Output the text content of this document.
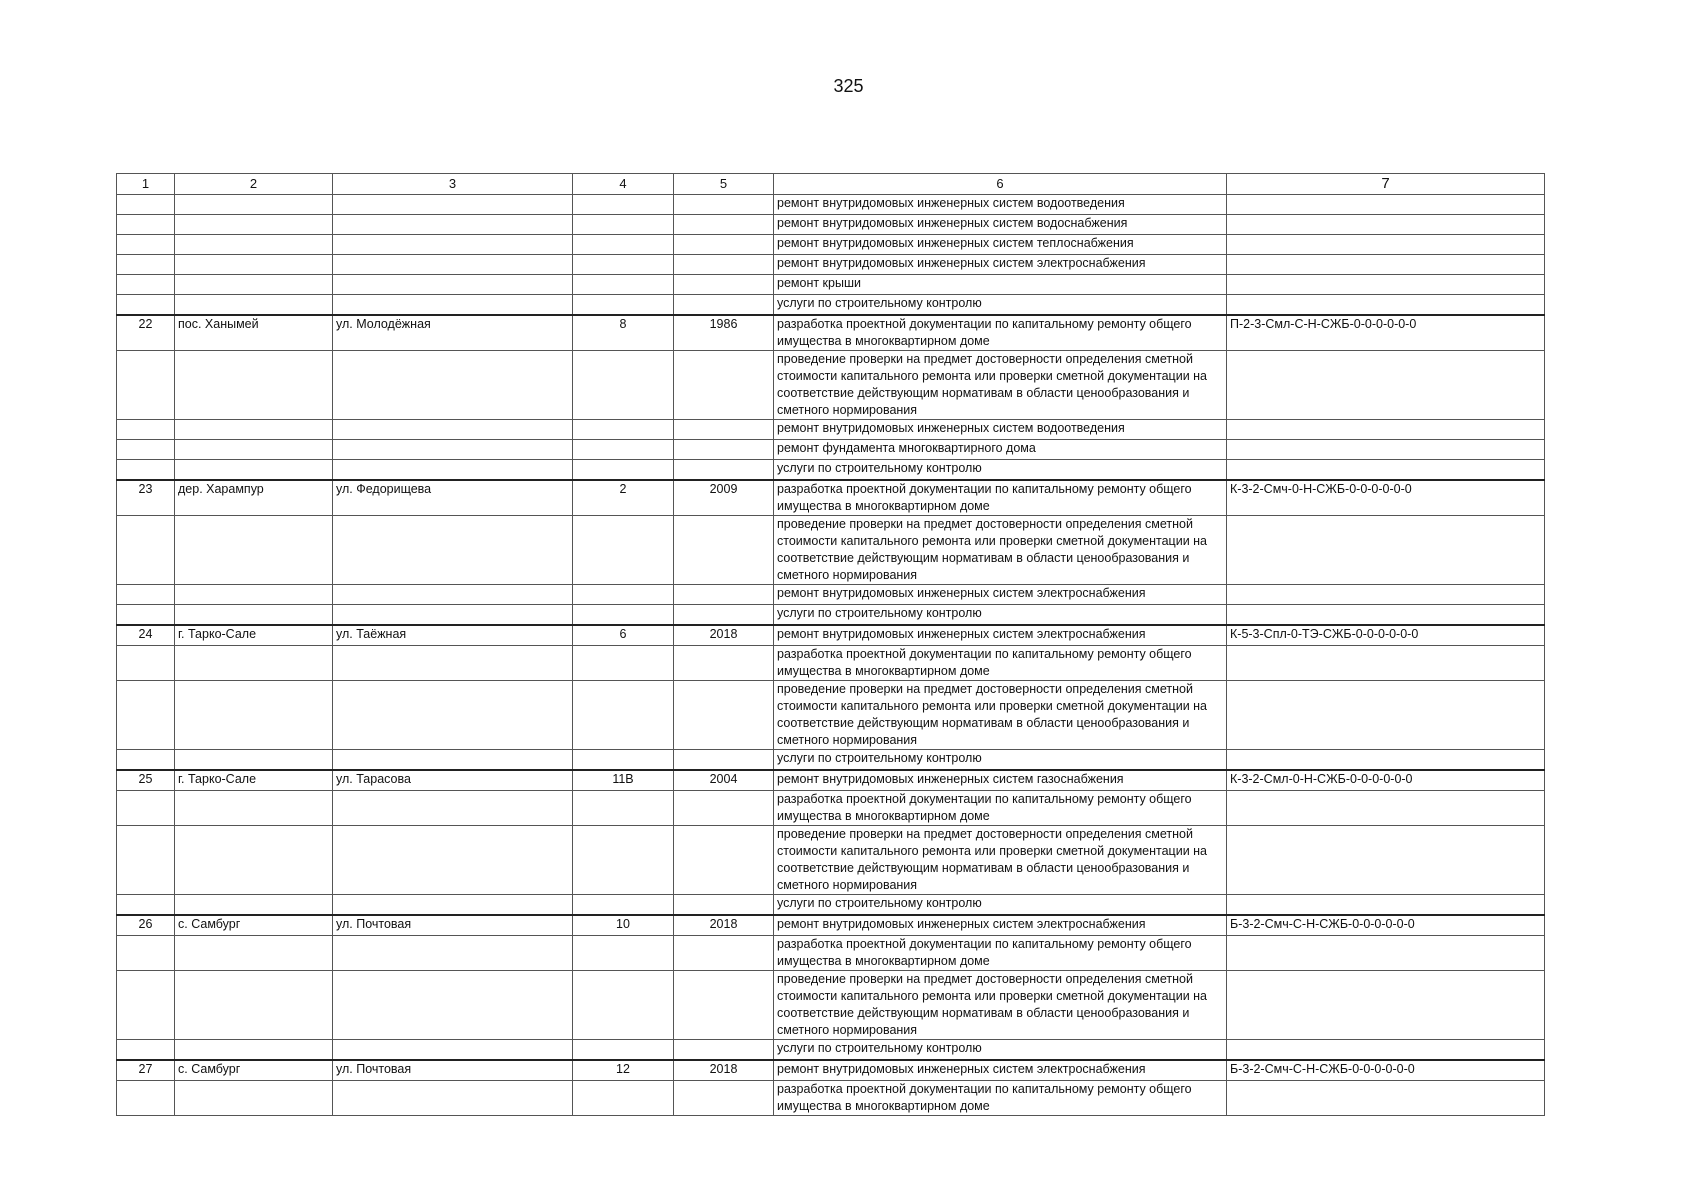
325
1	2	3	4	5	6	7
					ремонт внутридомовых инженерных систем водоотведения	
					ремонт внутридомовых инженерных систем водоснабжения	
					ремонт внутридомовых инженерных систем теплоснабжения	
					ремонт внутридомовых инженерных систем электроснабжения	
					ремонт крыши	
					услуги по строительному контролю	
22	пос. Ханымей	ул. Молодёжная	8	1986	разработка проектной документации по капитальному ремонту общего имущества в многоквартирном доме	П-2-3-Смл-С-Н-СЖБ-0-0-0-0-0-0
					проведение проверки на предмет достоверности определения сметной стоимости капитального ремонта или проверки сметной документации на соответствие действующим нормативам в области ценообразования и сметного нормирования	
					ремонт внутридомовых инженерных систем водоотведения	
					ремонт фундамента многоквартирного дома	
					услуги по строительному контролю	
23	дер. Харампур	ул. Федорищева	2	2009	разработка проектной документации по капитальному ремонту общего имущества в многоквартирном доме	К-3-2-Смч-0-Н-СЖБ-0-0-0-0-0-0
					проведение проверки на предмет достоверности определения сметной стоимости капитального ремонта или проверки сметной документации на соответствие действующим нормативам в области ценообразования и сметного нормирования	
					ремонт внутридомовых инженерных систем электроснабжения	
					услуги по строительному контролю	
24	г. Тарко-Сале	ул. Таёжная	6	2018	ремонт внутридомовых инженерных систем электроснабжения	К-5-3-Спл-0-ТЭ-СЖБ-0-0-0-0-0-0
					разработка проектной документации по капитальному ремонту общего имущества в многоквартирном доме	
					проведение проверки на предмет достоверности определения сметной стоимости капитального ремонта или проверки сметной документации на соответствие действующим нормативам в области ценообразования и сметного нормирования	
					услуги по строительному контролю	
25	г. Тарко-Сале	ул. Тарасова	11В	2004	ремонт внутридомовых инженерных систем газоснабжения	К-3-2-Смл-0-Н-СЖБ-0-0-0-0-0-0
					разработка проектной документации по капитальному ремонту общего имущества в многоквартирном доме	
					проведение проверки на предмет достоверности определения сметной стоимости капитального ремонта или проверки сметной документации на соответствие действующим нормативам в области ценообразования и сметного нормирования	
					услуги по строительному контролю	
26	с. Самбург	ул. Почтовая	10	2018	ремонт внутридомовых инженерных систем электроснабжения	Б-3-2-Смч-С-Н-СЖБ-0-0-0-0-0-0
					разработка проектной документации по капитальному ремонту общего имущества в многоквартирном доме	
					проведение проверки на предмет достоверности определения сметной стоимости капитального ремонта или проверки сметной документации на соответствие действующим нормативам в области ценообразования и сметного нормирования	
					услуги по строительному контролю	
27	с. Самбург	ул. Почтовая	12	2018	ремонт внутридомовых инженерных систем электроснабжения	Б-3-2-Смч-С-Н-СЖБ-0-0-0-0-0-0
					разработка проектной документации по капитальному ремонту общего имущества в многоквартирном доме	
